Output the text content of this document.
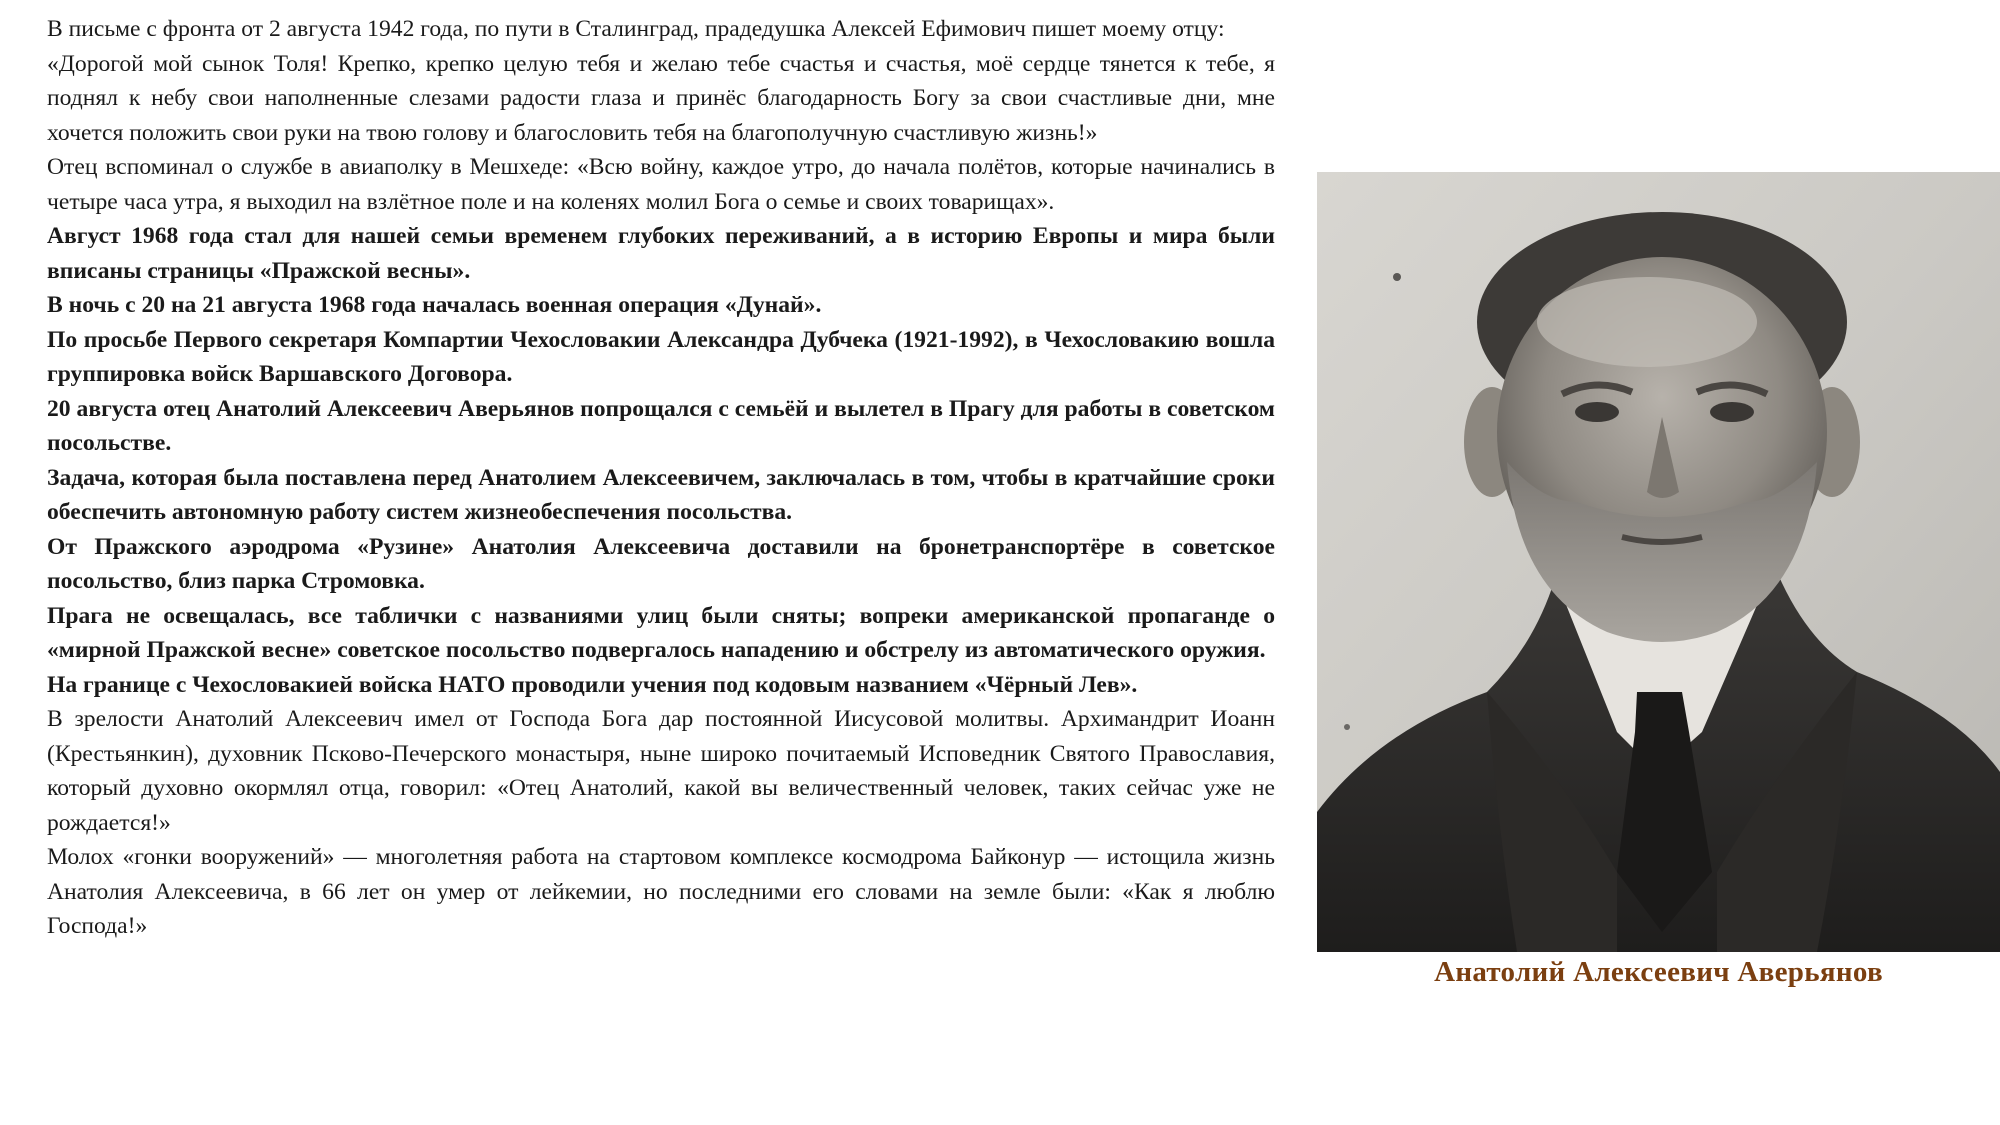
В письме с фронта от 2 августа 1942 года, по пути в Сталинград, прадедушка Алексей Ефимович пишет моему отцу:

«Дорогой мой сынок Толя! Крепко, крепко целую тебя и желаю тебе счастья и счастья, моё сердце тянется к тебе, я поднял к небу свои наполненные слезами радости глаза и принёс благодарность Богу за свои счастливые дни, мне хочется положить свои руки на твою голову и благословить тебя на благополучную счастливую жизнь!»

Отец вспоминал о службе в авиаполку в Мешхеде: «Всю войну, каждое утро, до начала полётов, которые начинались в четыре часа утра, я выходил на взлётное поле и на коленях молил Бога о семье и своих товарищах».

Август 1968 года стал для нашей семьи временем глубоких переживаний, а в историю Европы и мира были вписаны страницы «Пражской весны».

В ночь с 20 на 21 августа 1968 года началась военная операция «Дунай».

По просьбе Первого секретаря Компартии Чехословакии Александра Дубчека (1921-1992), в Чехословакию вошла группировка войск Варшавского Договора.

20 августа отец Анатолий Алексеевич Аверьянов попрощался с семьёй и вылетел в Прагу для работы в советском посольстве.

Задача, которая была поставлена перед Анатолием Алексеевичем, заключалась в том, чтобы в кратчайшие сроки обеспечить автономную работу систем жизнеобеспечения посольства.

От Пражского аэродрома «Рузине» Анатолия Алексеевича доставили на бронетранспортёре в советское посольство, близ парка Стромовка.

Прага не освещалась, все таблички с названиями улиц были сняты; вопреки американской пропаганде о «мирной Пражской весне» советское посольство подвергалось нападению и обстрелу из автоматического оружия.

На границе с Чехословакией войска НАТО проводили учения под кодовым названием «Чёрный Лев».

В зрелости Анатолий Алексеевич имел от Господа Бога дар постоянной Иисусовой молитвы. Архимандрит Иоанн (Крестьянкин), духовник Псково-Печерского монастыря, ныне широко почитаемый Исповедник Святого Православия, который духовно окормлял отца, говорил: «Отец Анатолий, какой вы величественный человек, таких сейчас уже не рождается!»

Молох «гонки вооружений» — многолетняя работа на стартовом комплексе космодрома Байконур — истощила жизнь Анатолия Алексеевича, в 66 лет он умер от лейкемии, но последними его словами на земле были: «Как я люблю Господа!»

Анатолий Алексеевич Аверьянов
